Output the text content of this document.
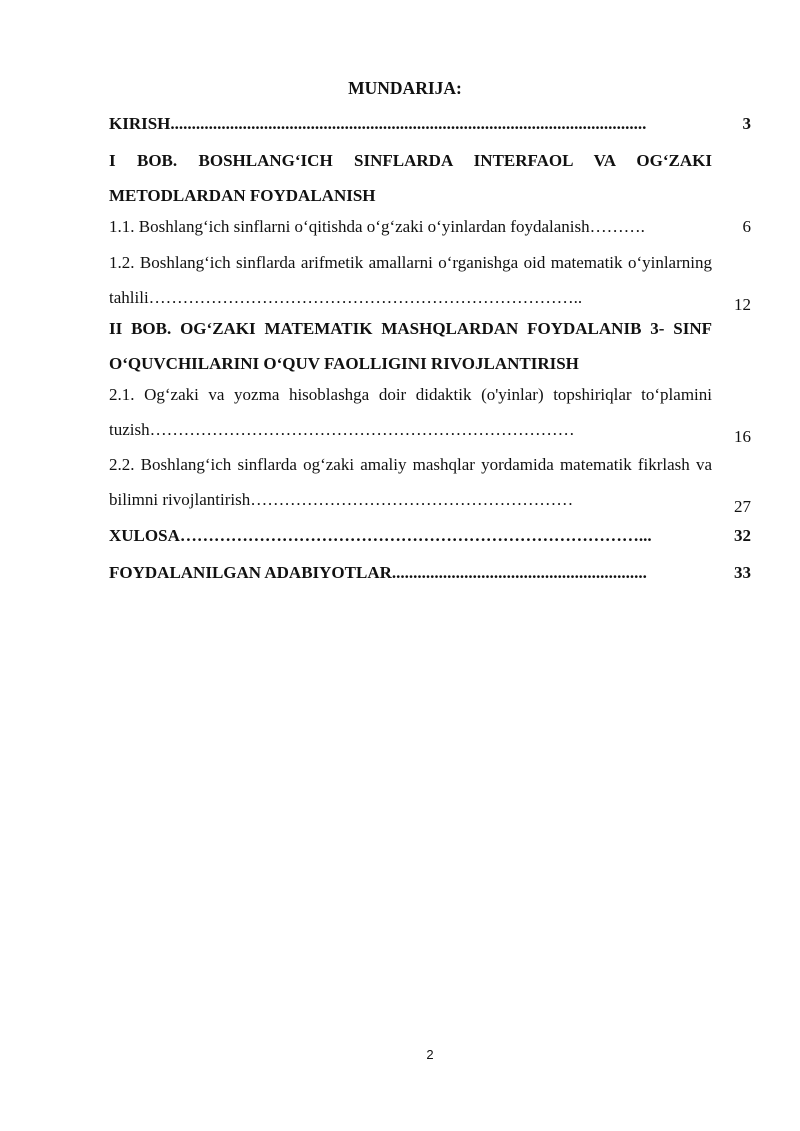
MUNDARIJA:
KIRISH................................................................................................................	3
I BOB. BOSHLANG‘ICH SINFLARDA INTERFAOL VA OG‘ZAKI METODLARDAN FOYDALANISH
1.1. Boshlang‘ich sinflarni o‘qitishda o‘g‘zaki o‘yinlardan foydalanish……….	6
1.2. Boshlang‘ich sinflarda arifmetik amallarni o‘rganishga oid matematik o‘yinlarning tahlili…………………………………………………………………..	12
II BOB. OG‘ZAKI MATEMATIK MASHQLARDAN FOYDALANIB 3- SINF O‘QUVCHILARINI O‘QUV FAOLLIGINI RIVOJLANTIRISH
2.1. Og‘zaki va yozma hisoblashga doir didaktik (o'yinlar) topshiriqlar to‘plamini tuzish…………………………………………………………………	16
2.2. Boshlang‘ich sinflarda og‘zaki amaliy mashqlar yordamida matematik fikrlash va bilimni rivojlantirish…………………………………………………	27
XULOSA………………………………………………………………………...	32
FOYDALANILGAN ADABIYOTLAR............................................................	33
2
